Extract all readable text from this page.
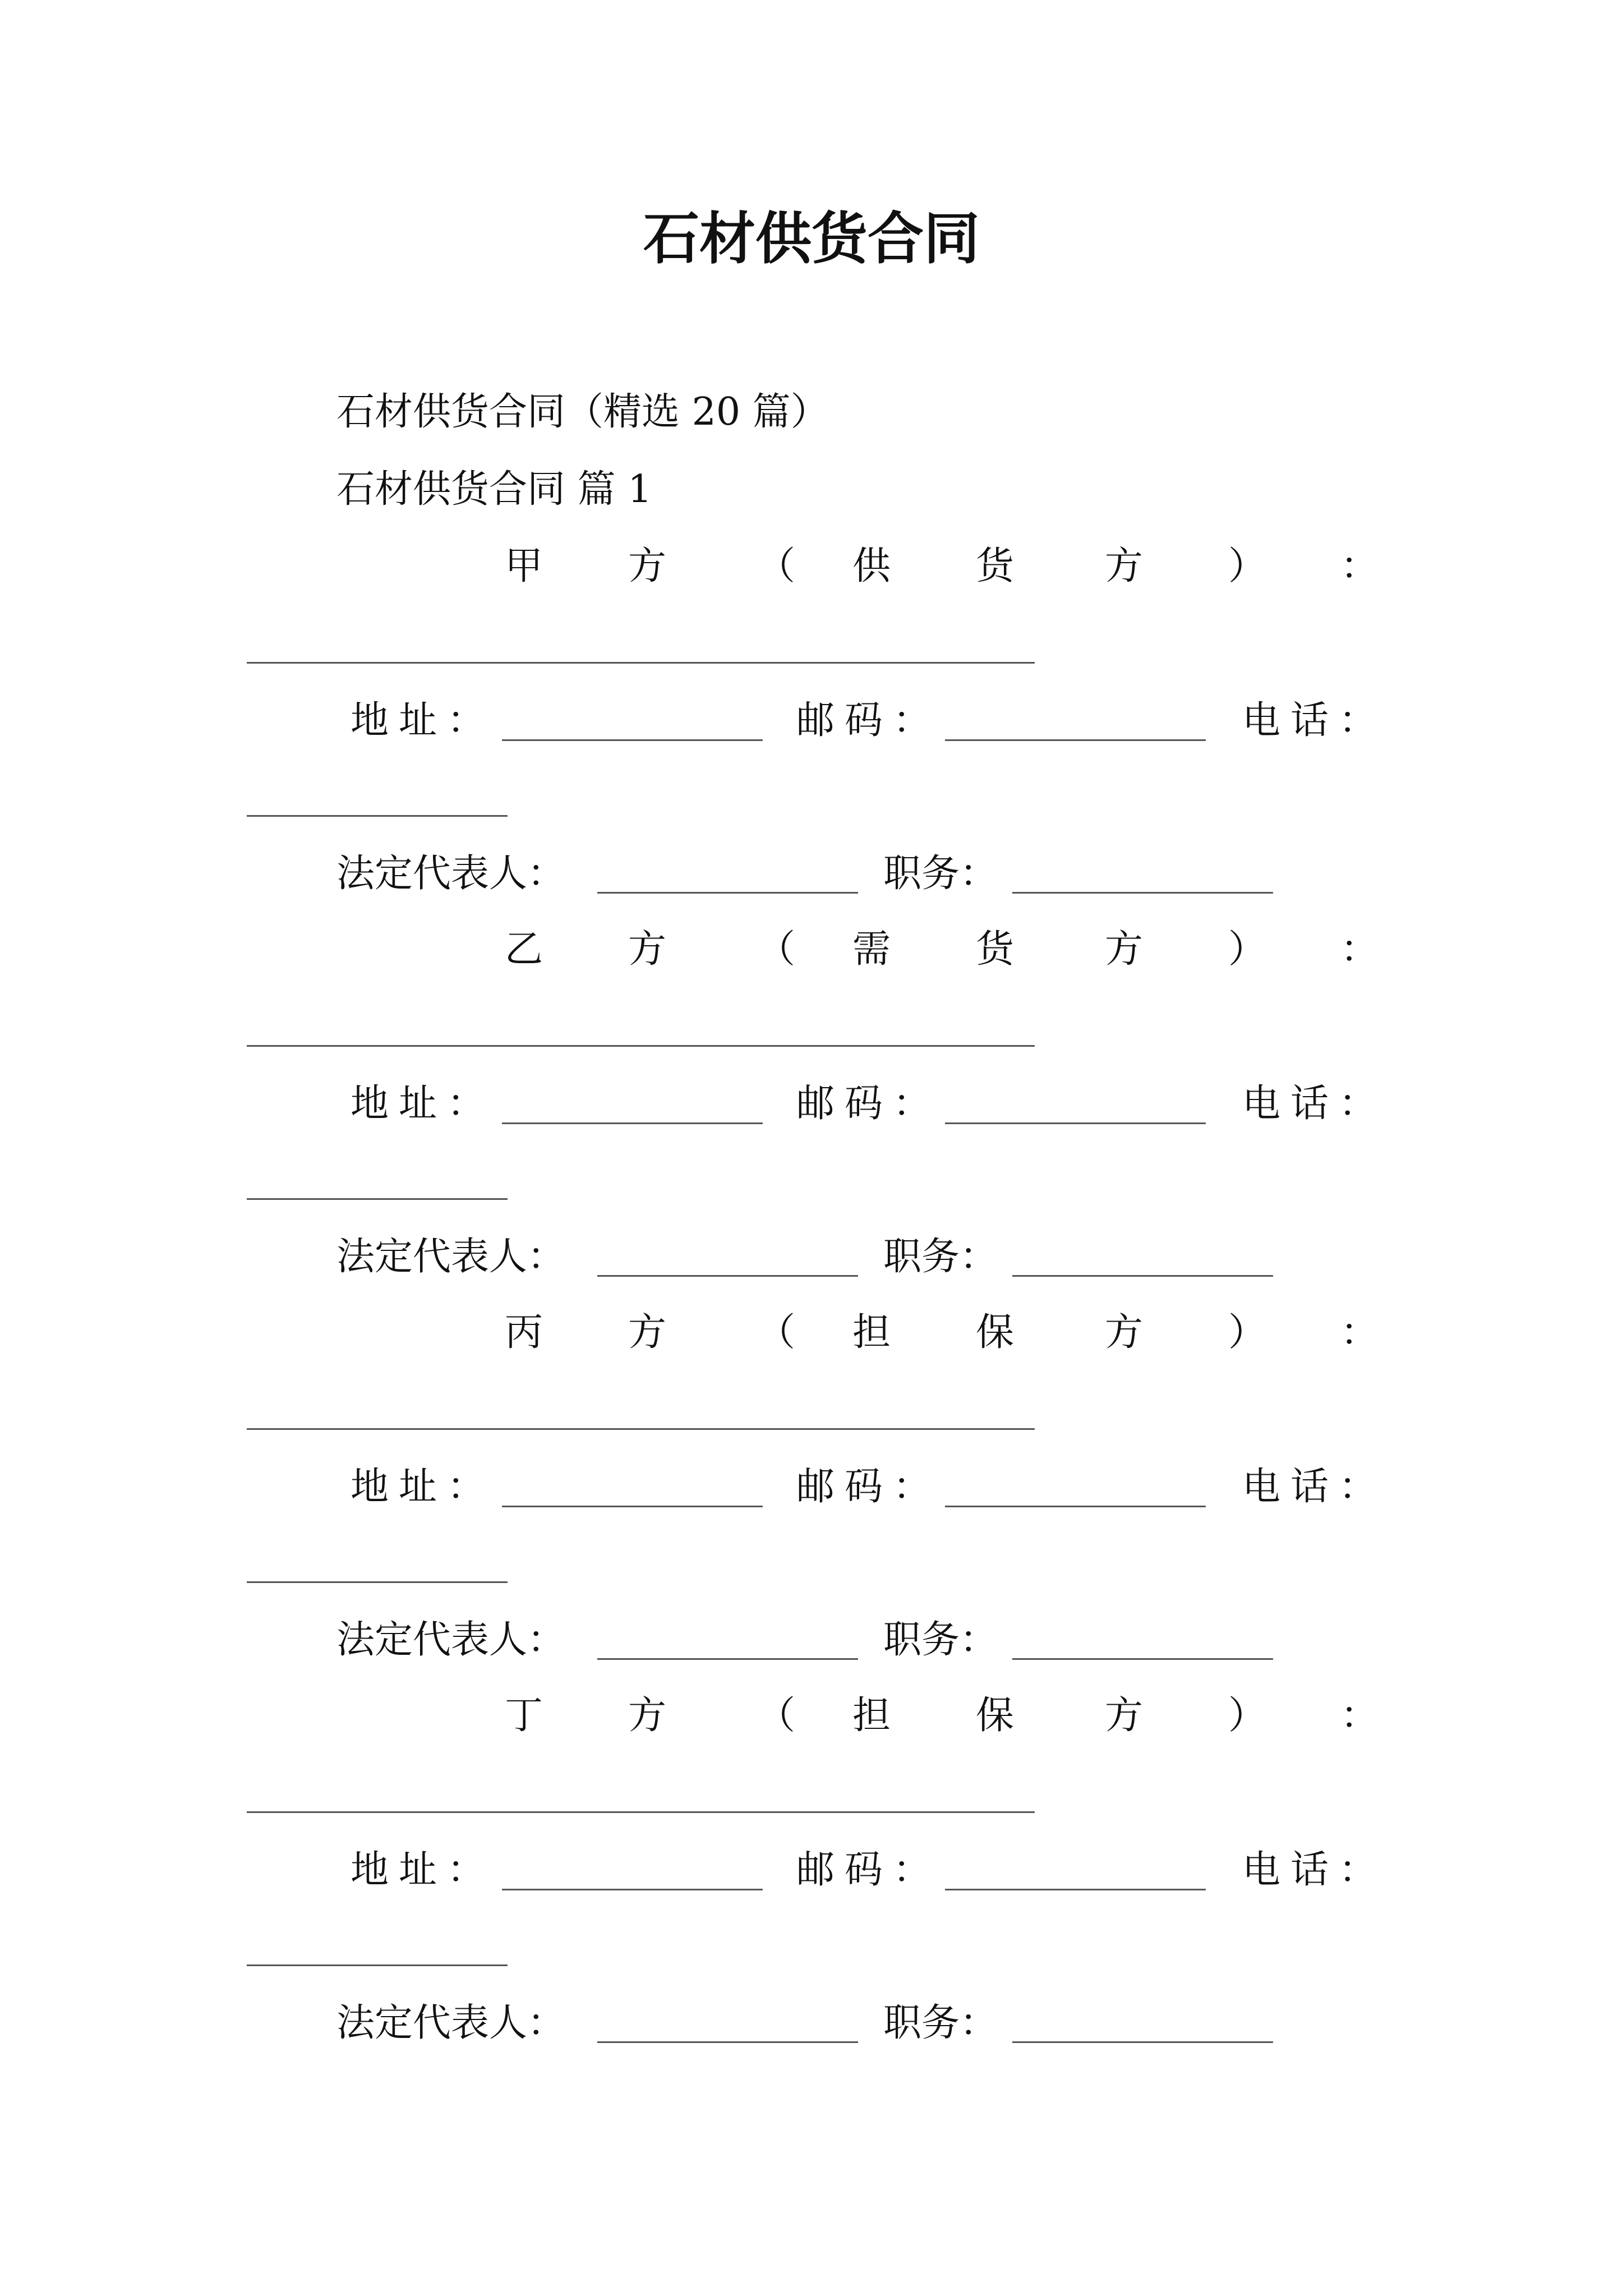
石材供货合同
石材供货合同（精选 20 篇）
石材供货合同 篇 1
甲 方 （ 供 货 方 ） ：
地址：	邮码：	电话：
法定代表人：	职务：
乙 方 （ 需 货 方 ） ：
地址：	邮码：	电话：
法定代表人：	职务：
丙 方 （ 担 保 方 ） ：
地址：	邮码：	电话：
法定代表人：	职务：
丁 方 （ 担 保 方 ） ：
地址：	邮码：	电话：
法定代表人：	职务：
